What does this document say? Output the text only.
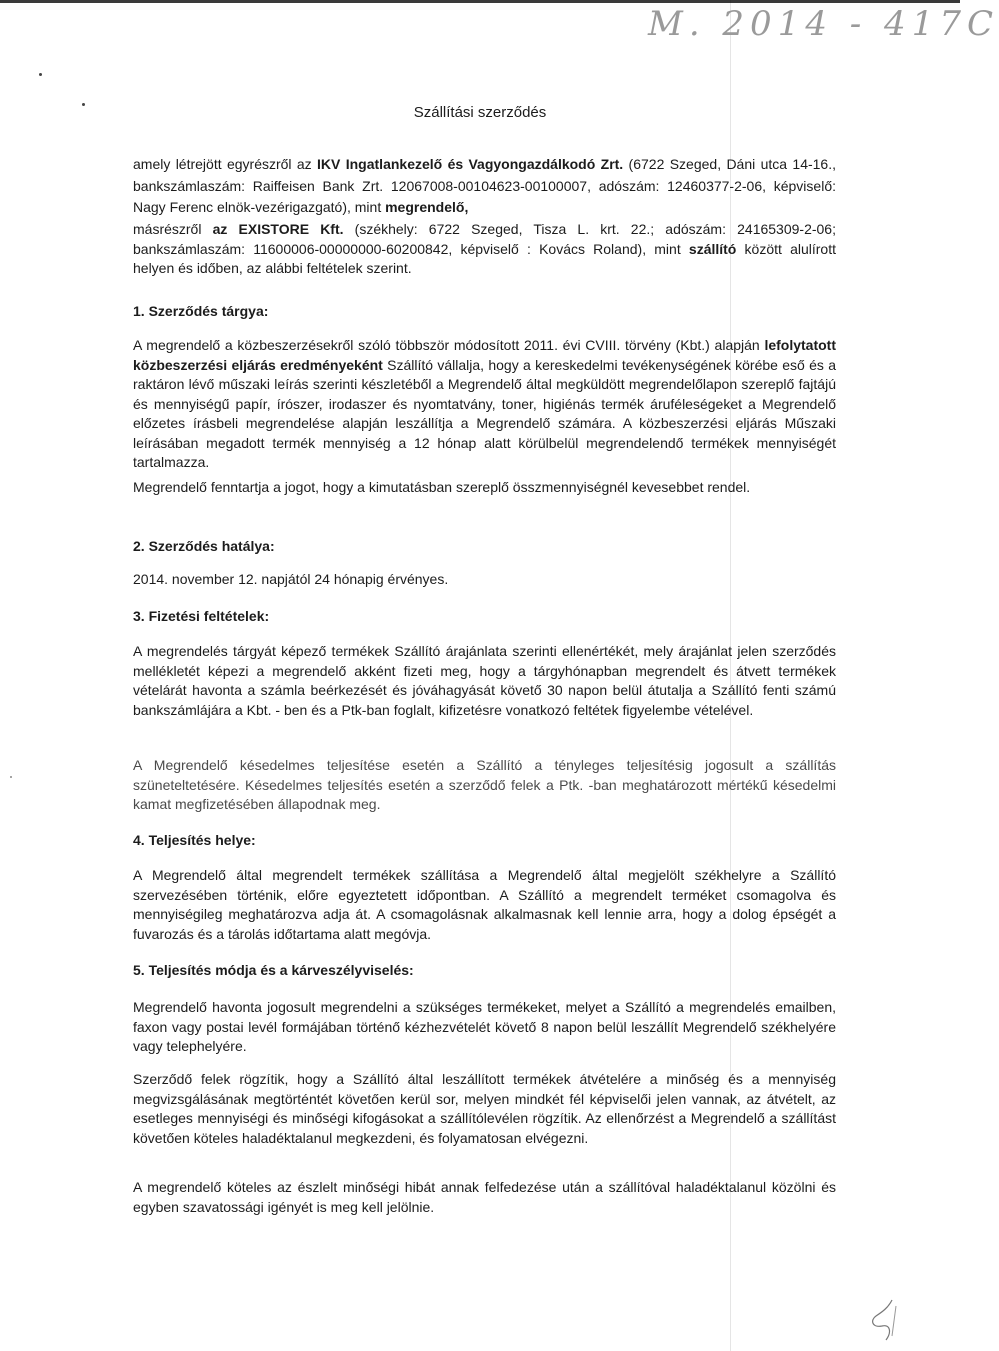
M. 2014 - 417C
Szállítási szerződés

amely létrejött egyrészről az IKV Ingatlankezelő és Vagyongazdálkodó Zrt. (6722 Szeged, Dáni utca 14-16., bankszámlaszám: Raiffeisen Bank Zrt. 12067008-00104623-00100007, adószám: 12460377-2-06, képviselő: Nagy Ferenc elnök-vezérigazgató), mint megrendelő,

másrészről az EXISTORE Kft. (székhely: 6722 Szeged, Tisza L. krt. 22.; adószám: 24165309-2-06; bankszámlaszám: 11600006-00000000-60200842, képviselő : Kovács Roland), mint szállító között alulírott helyen és időben, az alábbi feltételek szerint.

1. Szerződés tárgya:

A megrendelő a közbeszerzésekről szóló többször módosított 2011. évi CVIII. törvény (Kbt.) alapján lefolytatott közbeszerzési eljárás eredményeként Szállító vállalja, hogy a kereskedelmi tevékenységének körébe eső és a raktáron lévő műszaki leírás szerinti készletéből a Megrendelő által megküldött megrendelőlapon szereplő fajtájú és mennyiségű papír, írószer, irodaszer és nyomtatvány, toner, higiénás termék áruféleségeket a Megrendelő előzetes írásbeli megrendelése alapján leszállítja a Megrendelő számára. A közbeszerzési eljárás Műszaki leírásában megadott termék mennyiség a 12 hónap alatt körülbelül megrendelendő termékek mennyiségét tartalmazza.

Megrendelő fenntartja a jogot, hogy a kimutatásban szereplő összmennyiségnél kevesebbet rendel.

2. Szerződés hatálya:

2014. november 12. napjától 24 hónapig érvényes.

3. Fizetési feltételek:

A megrendelés tárgyát képező termékek Szállító árajánlata szerinti ellenértékét, mely árajánlat jelen szerződés mellékletét képezi a megrendelő akként fizeti meg, hogy a tárgyhónapban megrendelt és átvett termékek vételárát havonta a számla beérkezését és jóváhagyását követő 30 napon belül átutalja a Szállító fenti számú bankszámlájára a Kbt. - ben és a Ptk-ban foglalt, kifizetésre vonatkozó feltétek figyelembe vételével.

A Megrendelő késedelmes teljesítése esetén a Szállító a tényleges teljesítésig jogosult a szállítás szüneteltetésére. Késedelmes teljesítés esetén a szerződő felek a Ptk. -ban meghatározott mértékű késedelmi kamat megfizetésében állapodnak meg.

4. Teljesítés helye:

A Megrendelő által megrendelt termékek szállítása a Megrendelő által megjelölt székhelyre a Szállító szervezésében történik, előre egyeztetett időpontban. A Szállító a megrendelt terméket csomagolva és mennyiségileg meghatározva adja át. A csomagolásnak alkalmasnak kell lennie arra, hogy a dolog épségét a fuvarozás és a tárolás időtartama alatt megóvja.

5. Teljesítés módja és a kárveszélyviselés:

Megrendelő havonta jogosult megrendelni a szükséges termékeket, melyet a Szállító a megrendelés emailben, faxon vagy postai levél formájában történő kézhezvételét követő 8 napon belül leszállít Megrendelő székhelyére vagy telephelyére.

Szerződő felek rögzítik, hogy a Szállító által leszállított termékek átvételére a minőség és a mennyiség megvizsgálásának megtörténtét követően kerül sor, melyen mindkét fél képviselői jelen vannak, az átvételt, az esetleges mennyiségi és minőségi kifogásokat a szállítólevélen rögzítik. Az ellenőrzést a Megrendelő a szállítást követően köteles haladéktalanul megkezdeni, és folyamatosan elvégezni.

A megrendelő köteles az észlelt minőségi hibát annak felfedezése után a szállítóval haladéktalanul közölni és egyben szavatossági igényét is meg kell jelölnie.
